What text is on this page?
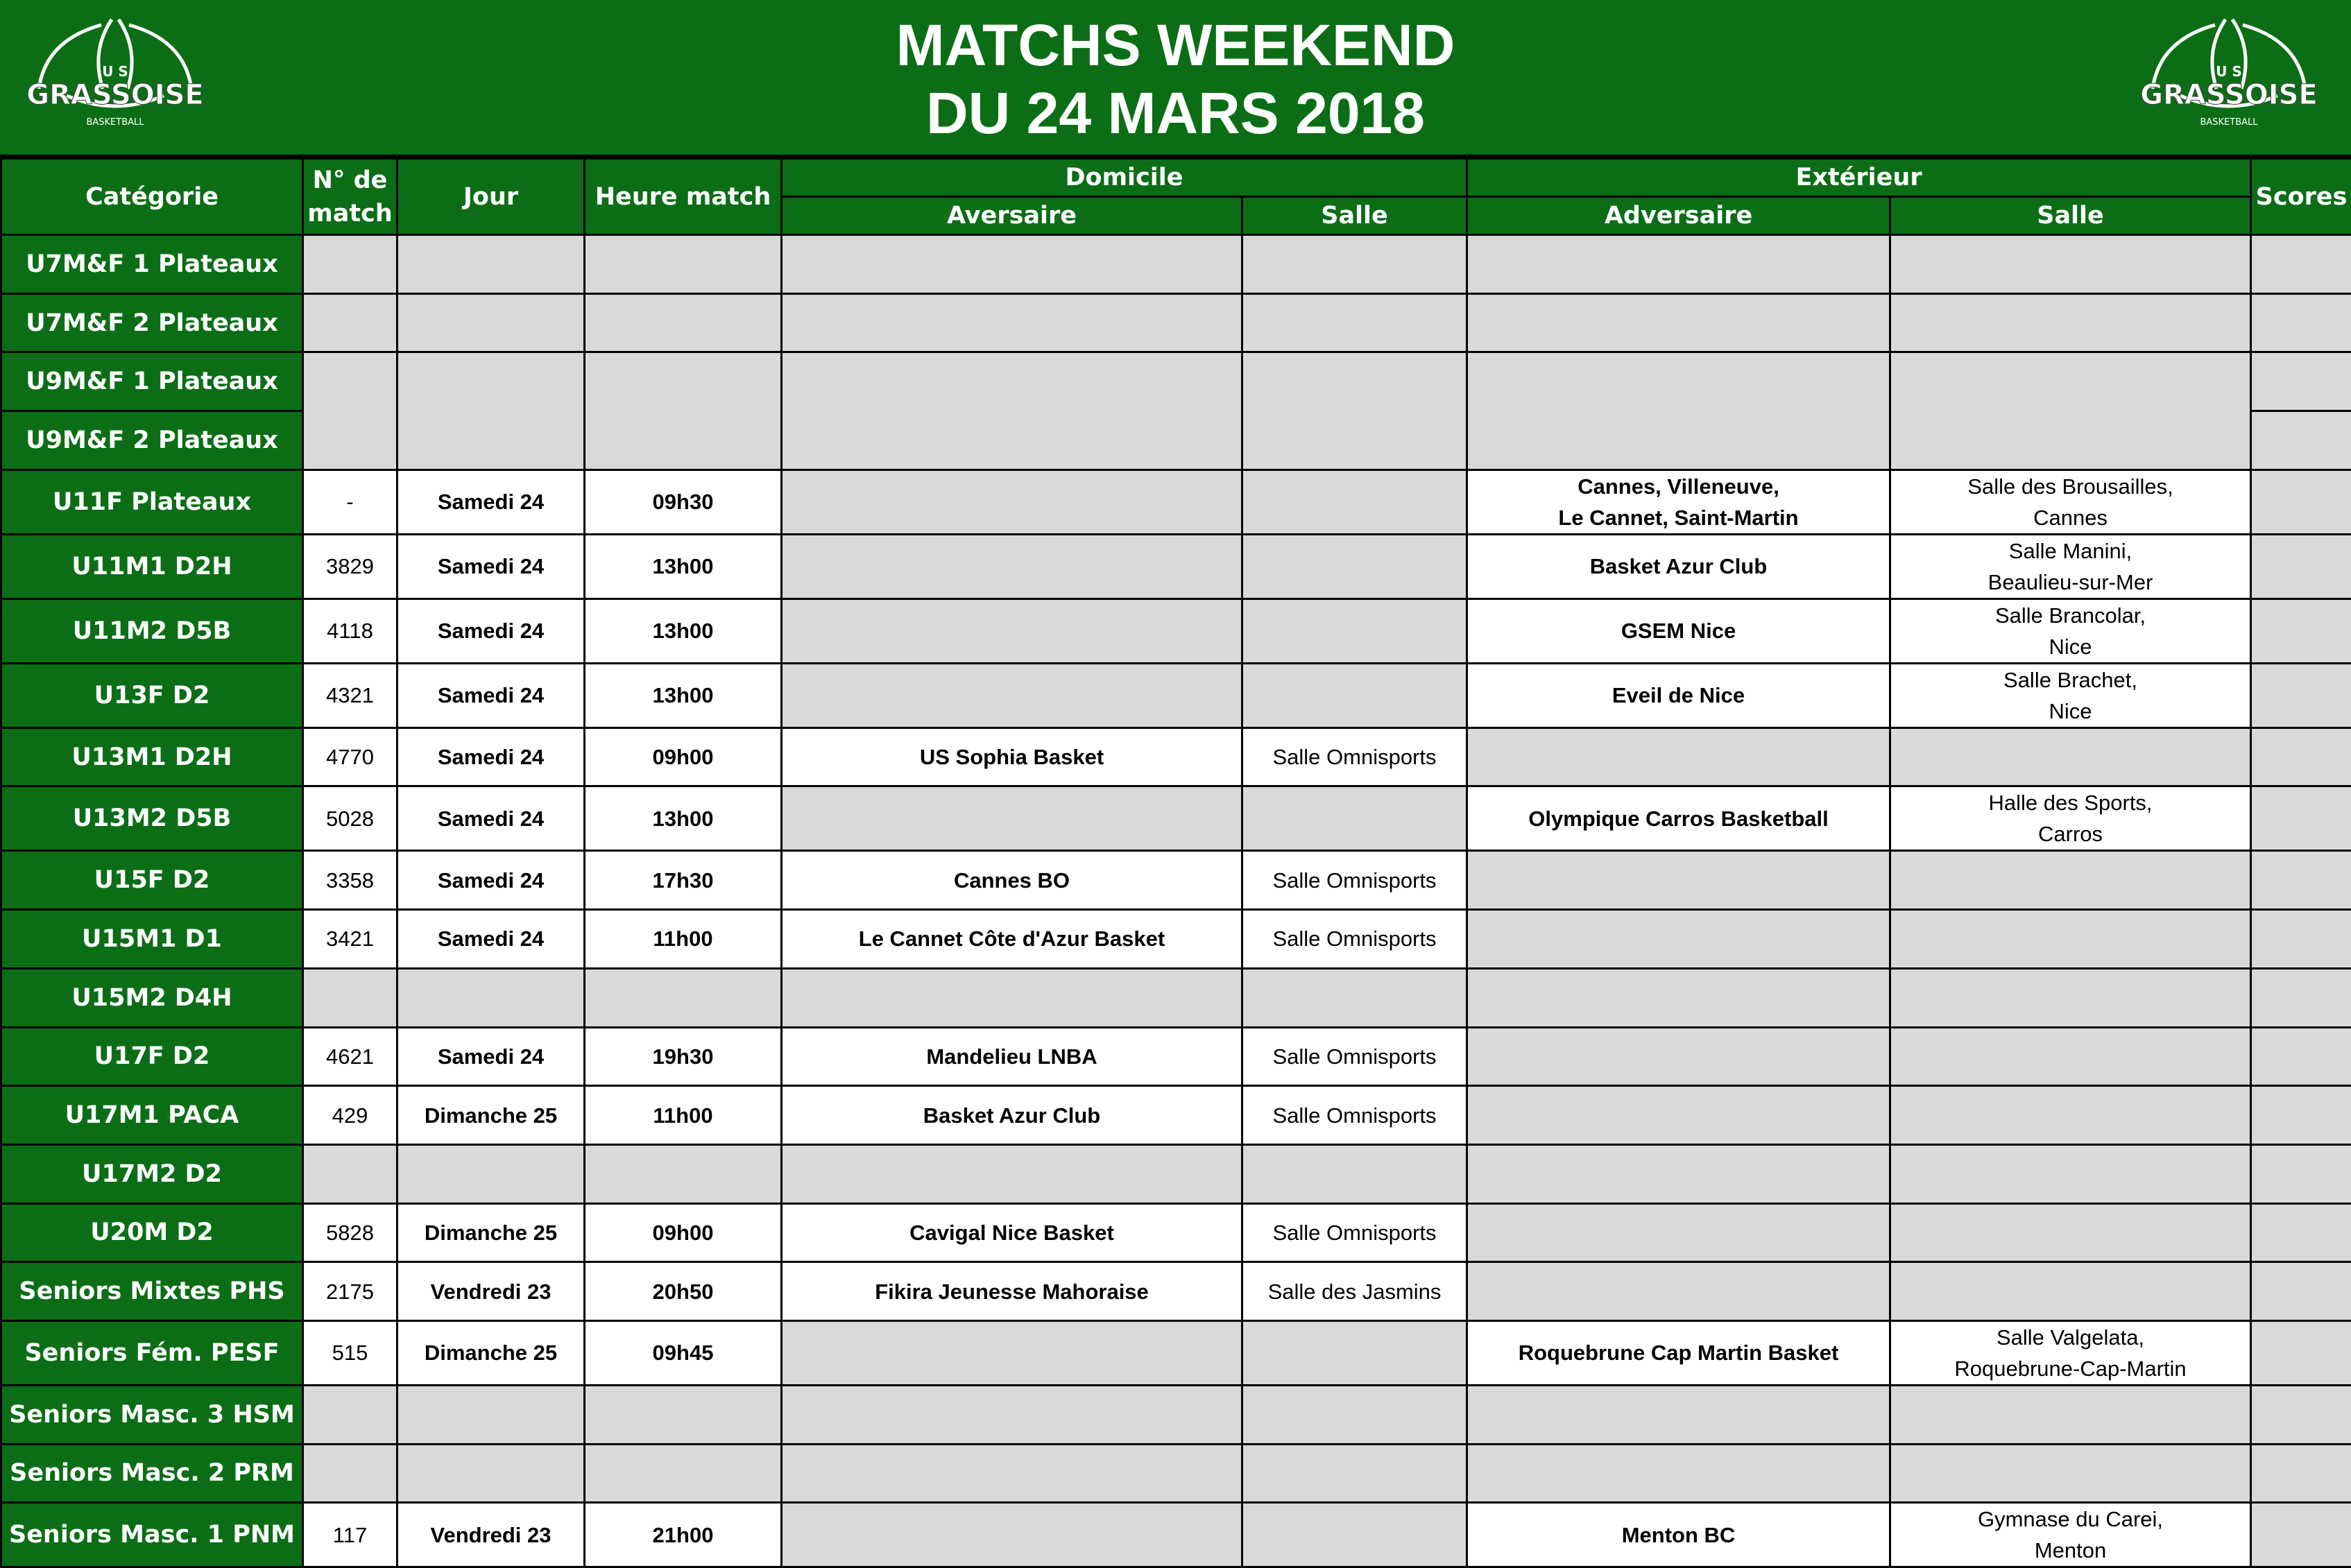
U S
GRASSOISE
BASKETBALL
MATCHS WEEKEND
DU 24 MARS 2018
U S
GRASSOISE
BASKETBALL
Catégorie	N° de match	Jour	Heure match	Domicile		Extérieur		Scores
				Aversaire	Salle	Adversaire	Salle	
U7M&F 1 Plateaux								
U7M&F 2 Plateaux								
U9M&F 1 Plateaux								
U9M&F 2 Plateaux								
U11F Plateaux	-	Samedi 24	09h30			Cannes, Villeneuve,
Le Cannet, Saint-Martin	Salle des Brousailles,
Cannes	
U11M1 D2H	3829	Samedi 24	13h00			Basket Azur Club	Salle Manini,
Beaulieu-sur-Mer	
U11M2 D5B	4118	Samedi 24	13h00			GSEM Nice	Salle Brancolar,
Nice	
U13F D2	4321	Samedi 24	13h00			Eveil de Nice	Salle Brachet,
Nice	
U13M1 D2H	4770	Samedi 24	09h00	US Sophia Basket	Salle Omnisports			
U13M2 D5B	5028	Samedi 24	13h00			Olympique Carros Basketball	Halle des Sports,
Carros	
U15F D2	3358	Samedi 24	17h30	Cannes BO	Salle Omnisports			
U15M1 D1	3421	Samedi 24	11h00	Le Cannet Côte d'Azur Basket	Salle Omnisports			
U15M2 D4H								
U17F D2	4621	Samedi 24	19h30	Mandelieu LNBA	Salle Omnisports			
U17M1 PACA	429	Dimanche 25	11h00	Basket Azur Club	Salle Omnisports			
U17M2 D2								
U20M D2	5828	Dimanche 25	09h00	Cavigal Nice Basket	Salle Omnisports			
Seniors Mixtes PHS	2175	Vendredi 23	20h50	Fikira Jeunesse Mahoraise	Salle des Jasmins			
Seniors Fém. PESF	515	Dimanche 25	09h45			Roquebrune Cap Martin Basket	Salle Valgelata,
Roquebrune-Cap-Martin	
Seniors Masc. 3 HSM								
Seniors Masc. 2 PRM								
Seniors Masc. 1 PNM	117	Vendredi 23	21h00			Menton BC	Gymnase du Carei,
Menton	
